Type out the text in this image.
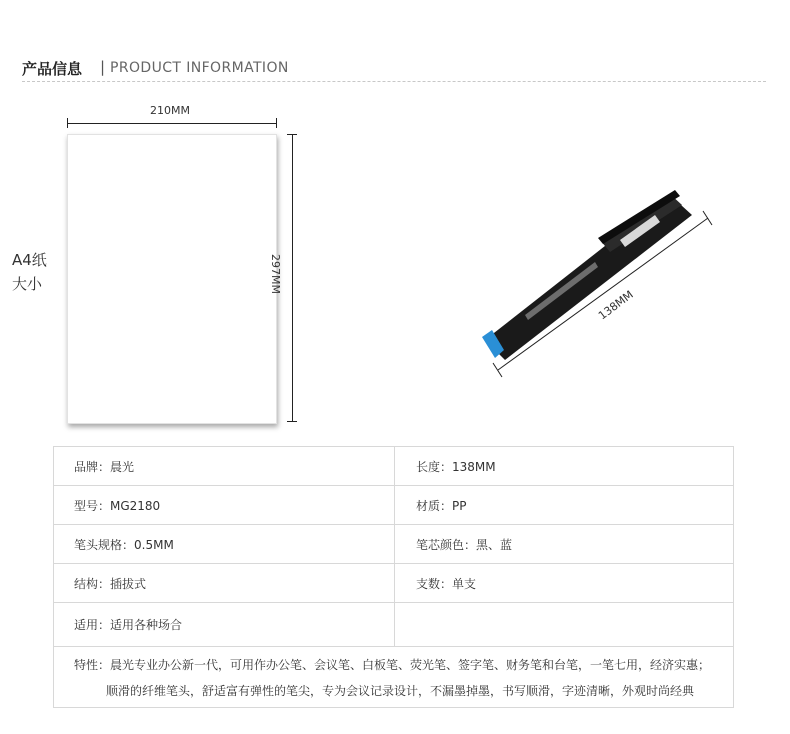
产品信息 | PRODUCT INFORMATION
210MM
297MM
A4纸
大小
138MM
品牌：晨光	长度：138MM
型号：MG2180	材质：PP
笔头规格：0.5MM	笔芯颜色：黑、蓝
结构：插拔式	支数：单支
适用：适用各种场合
特性：晨光专业办公新一代，可用作办公笔、会议笔、白板笔、荧光笔、签字笔、财务笔和台笔，一笔七用，经济实惠；
顺滑的纤维笔头，舒适富有弹性的笔尖，专为会议记录设计，不漏墨掉墨，书写顺滑，字迹清晰，外观时尚经典
